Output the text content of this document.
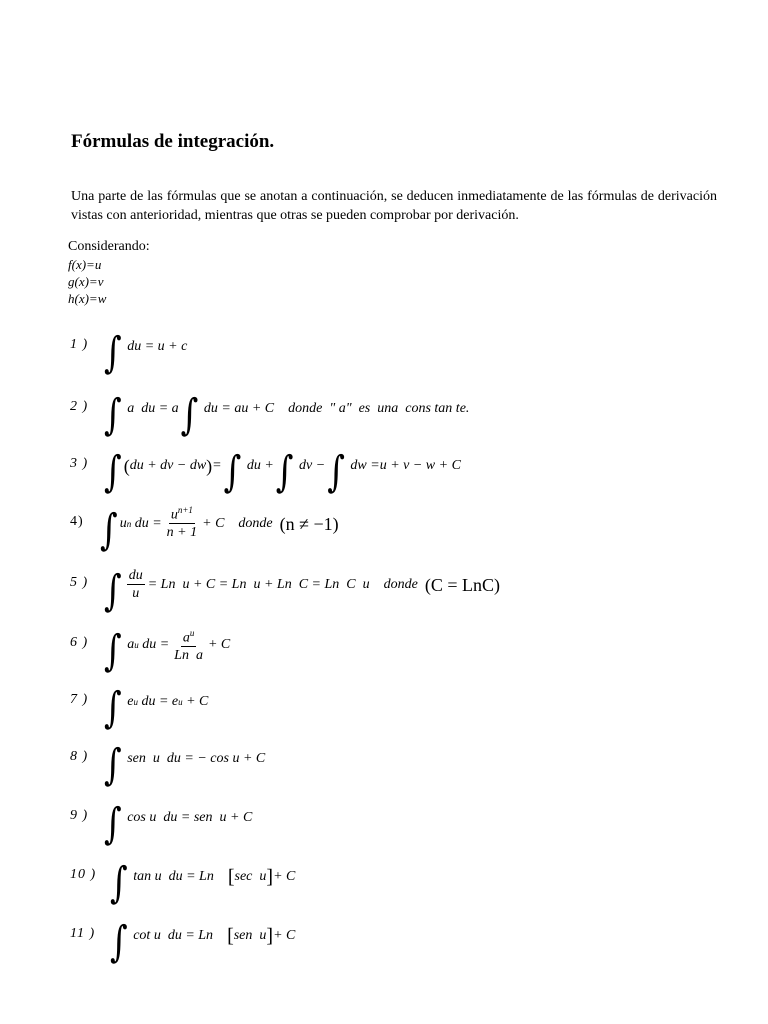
Fórmulas de integración.

Una parte de las fórmulas que se anotan a continuación, se deducen inmediatamente de las fórmulas de derivación vistas con anterioridad, mientras que otras se pueden comprobar por derivación.

Considerando:
f(x)=u
g(x)=v
h(x)=w
1 ) ∫
du = u + c
2 ) ∫
a  du = a ∫
du = au + C    donde  " a"  es  una  cons tan te.
3 ) ∫ ( du + dv − dw ) = ∫
du + ∫
dv − ∫
dw =u + v − w + C
4) ∫ u n
du = $\frac{u^{n+1}}{n + 1} + C$    donde
(n ≠ −1)
5 ) ∫ $\frac{du}{u} = Ln$  u + C = Ln  u + Ln  C = Ln  C  u    donde
(C = LnC)
6 ) ∫
a u
du = $\frac{a^u}{\text{Ln  a}} + C$
7 ) ∫
e u
du = e u
+ C
8 ) ∫
sen  u  du = − cos u + C
9 ) ∫
cos u  du = sen  u + C
10 ) ∫
tan u  du = Ln

[ sec  u ] + C
11 ) ∫
cot u  du = Ln

[ sen  u ] + C
